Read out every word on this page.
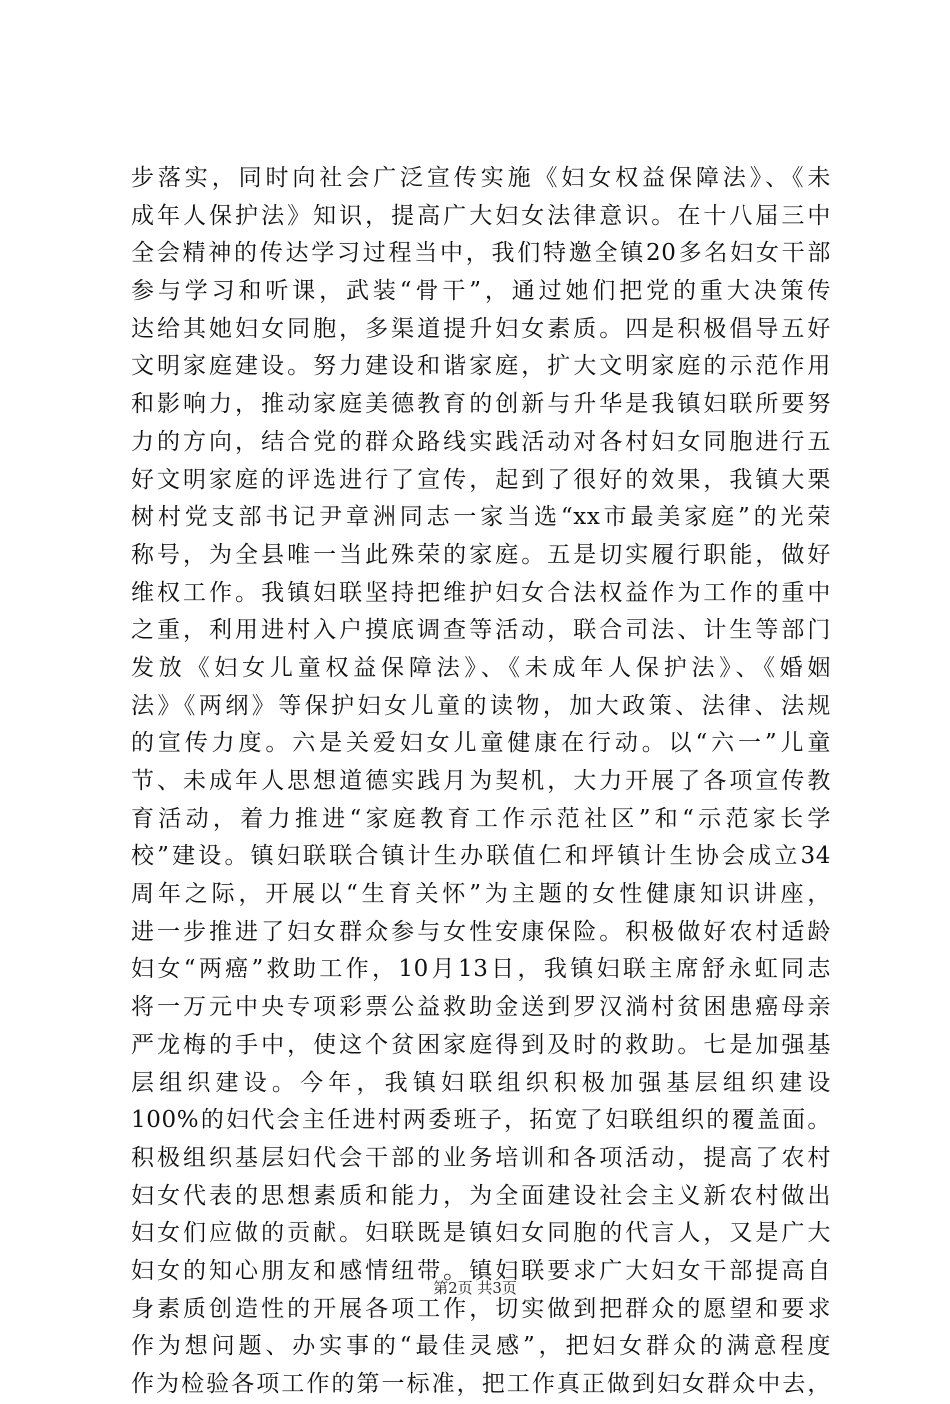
步落实，同时向社会广泛宣传实施《妇女权益保障法》、《未
成年人保护法》知识，提高广大妇女法律意识。在十八届三中
全会精神的传达学习过程当中，我们特邀全镇20多名妇女干部
参与学习和听课，武装“骨干”，通过她们把党的重大决策传
达给其她妇女同胞，多渠道提升妇女素质。四是积极倡导五好
文明家庭建设。努力建设和谐家庭，扩大文明家庭的示范作用
和影响力，推动家庭美德教育的创新与升华是我镇妇联所要努
力的方向，结合党的群众路线实践活动对各村妇女同胞进行五
好文明家庭的评选进行了宣传，起到了很好的效果，我镇大栗
树村党支部书记尹章洲同志一家当选“xx市最美家庭”的光荣
称号，为全县唯一当此殊荣的家庭。五是切实履行职能，做好
维权工作。我镇妇联坚持把维护妇女合法权益作为工作的重中
之重，利用进村入户摸底调查等活动，联合司法、计生等部门
发放《妇女儿童权益保障法》、《未成年人保护法》、《婚姻
法》《两纲》等保护妇女儿童的读物，加大政策、法律、法规
的宣传力度。六是关爱妇女儿童健康在行动。以“六一”儿童
节、未成年人思想道德实践月为契机，大力开展了各项宣传教
育活动，着力推进“家庭教育工作示范社区”和“示范家长学
校”建设。镇妇联联合镇计生办联值仁和坪镇计生协会成立34
周年之际，开展以“生育关怀”为主题的女性健康知识讲座，
进一步推进了妇女群众参与女性安康保险。积极做好农村适龄
妇女“两癌”救助工作，10月13日，我镇妇联主席舒永虹同志
将一万元中央专项彩票公益救助金送到罗汉淌村贫困患癌母亲
严龙梅的手中，使这个贫困家庭得到及时的救助。七是加强基
层组织建设。今年，我镇妇联组织积极加强基层组织建设
100%的妇代会主任进村两委班子，拓宽了妇联组织的覆盖面。
积极组织基层妇代会干部的业务培训和各项活动，提高了农村
妇女代表的思想素质和能力，为全面建设社会主义新农村做出
妇女们应做的贡献。妇联既是镇妇女同胞的代言人，又是广大
妇女的知心朋友和感情纽带。镇妇联要求广大妇女干部提高自
身素质创造性的开展各项工作，切实做到把群众的愿望和要求
作为想问题、办实事的“最佳灵感”，把妇女群众的满意程度
作为检验各项工作的第一标准，把工作真正做到妇女群众中去，
第2页 共3页
